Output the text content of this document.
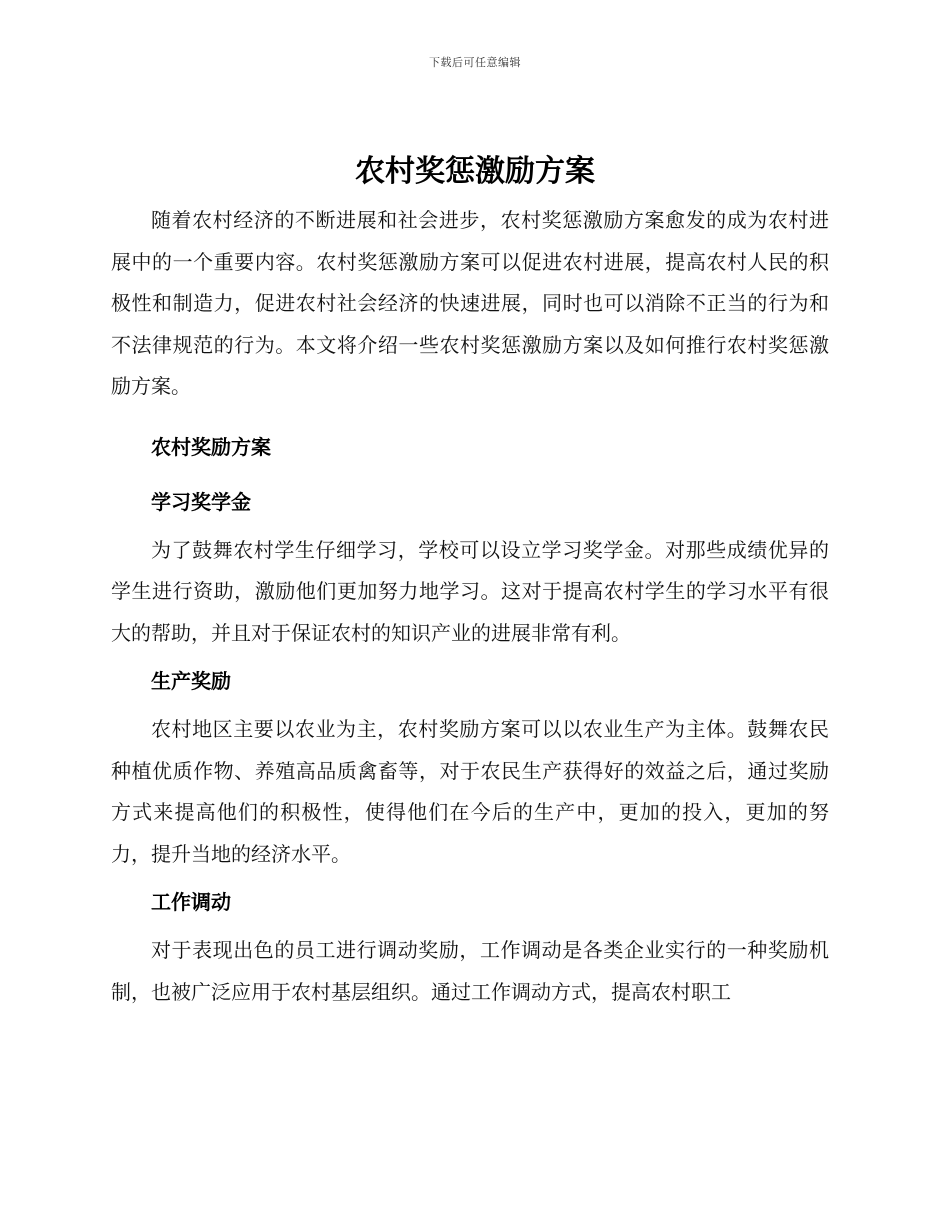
下载后可任意编辑
农村奖惩激励方案

随着农村经济的不断进展和社会进步，农村奖惩激励方案愈发的成为农村进展中的一个重要内容。农村奖惩激励方案可以促进农村进展，提高农村人民的积极性和制造力，促进农村社会经济的快速进展，同时也可以消除不正当的行为和不法律规范的行为。本文将介绍一些农村奖惩激励方案以及如何推行农村奖惩激励方案。

农村奖励方案

学习奖学金

为了鼓舞农村学生仔细学习，学校可以设立学习奖学金。对那些成绩优异的学生进行资助，激励他们更加努力地学习。这对于提高农村学生的学习水平有很大的帮助，并且对于保证农村的知识产业的进展非常有利。

生产奖励

农村地区主要以农业为主，农村奖励方案可以以农业生产为主体。鼓舞农民种植优质作物、养殖高品质禽畜等，对于农民生产获得好的效益之后，通过奖励方式来提高他们的积极性，使得他们在今后的生产中，更加的投入，更加的努力，提升当地的经济水平。

工作调动

对于表现出色的员工进行调动奖励，工作调动是各类企业实行的一种奖励机制，也被广泛应用于农村基层组织。通过工作调动方式，提高农村职工
